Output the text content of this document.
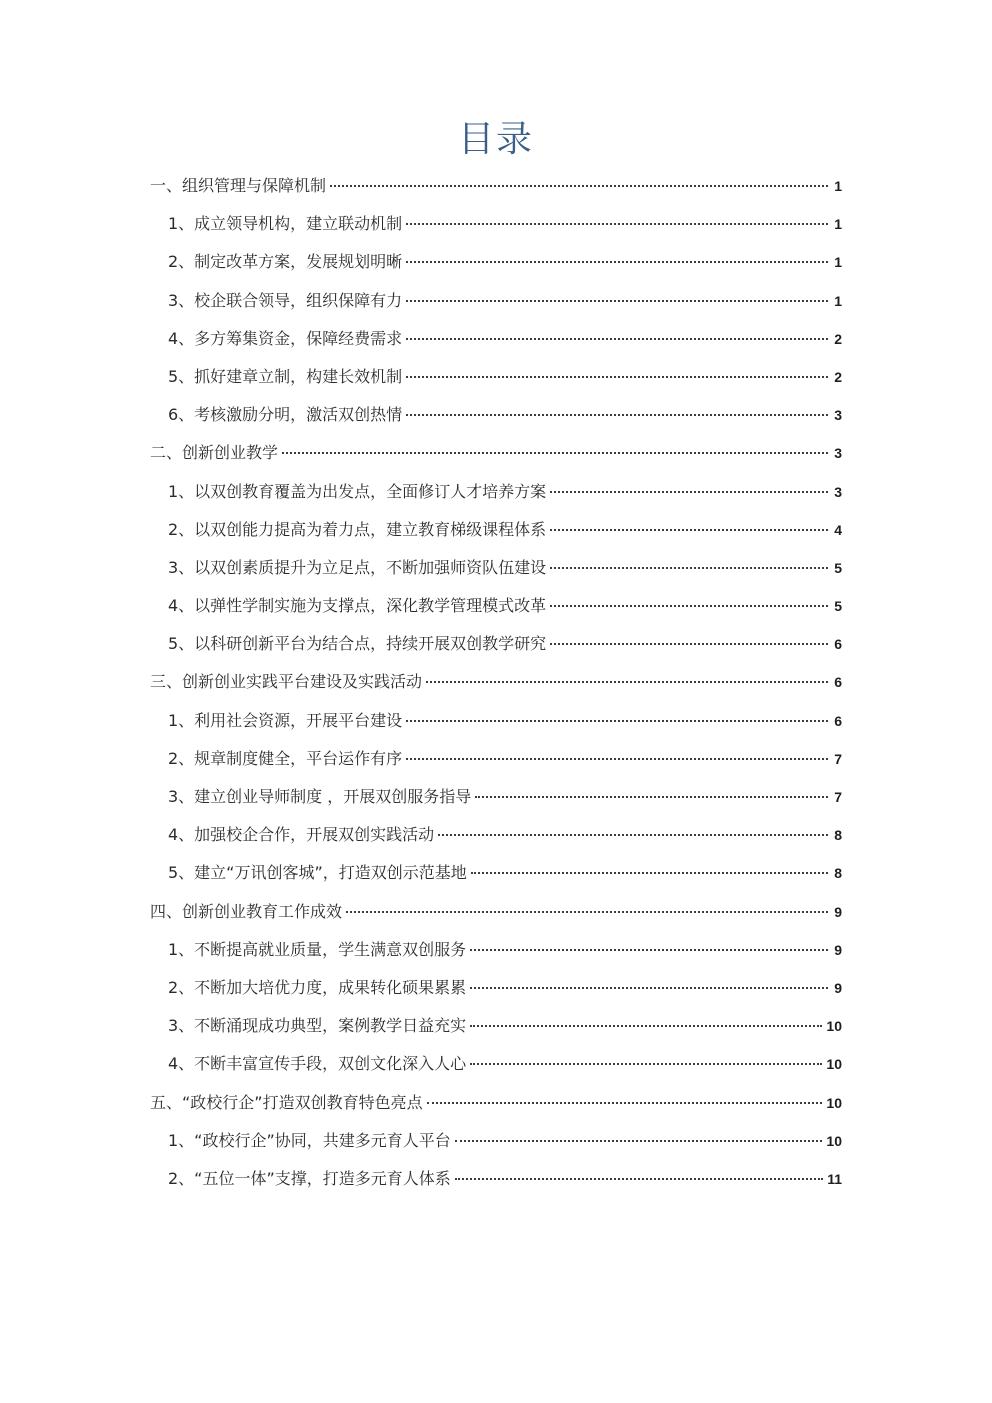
目录
一、组织管理与保障机制	1
1、成立领导机构，建立联动机制	1
2、制定改革方案，发展规划明晰	1
3、校企联合领导，组织保障有力	1
4、多方筹集资金，保障经费需求	2
5、抓好建章立制，构建长效机制	2
6、考核激励分明，激活双创热情	3
二、创新创业教学	3
1、以双创教育覆盖为出发点，全面修订人才培养方案	3
2、以双创能力提高为着力点，建立教育梯级课程体系	4
3、以双创素质提升为立足点，不断加强师资队伍建设	5
4、以弹性学制实施为支撑点，深化教学管理模式改革	5
5、以科研创新平台为结合点，持续开展双创教学研究	6
三、创新创业实践平台建设及实践活动	6
1、利用社会资源，开展平台建设	6
2、规章制度健全，平台运作有序	7
3、建立创业导师制度 ，开展双创服务指导	7
4、加强校企合作，开展双创实践活动	8
5、建立“万讯创客城”，打造双创示范基地	8
四、创新创业教育工作成效	9
1、不断提高就业质量，学生满意双创服务	9
2、不断加大培优力度，成果转化硕果累累	9
3、不断涌现成功典型，案例教学日益充实	10
4、不断丰富宣传手段，双创文化深入人心	10
五、“政校行企”打造双创教育特色亮点	10
1、“政校行企”协同，共建多元育人平台	10
2、“五位一体”支撑，打造多元育人体系	11
